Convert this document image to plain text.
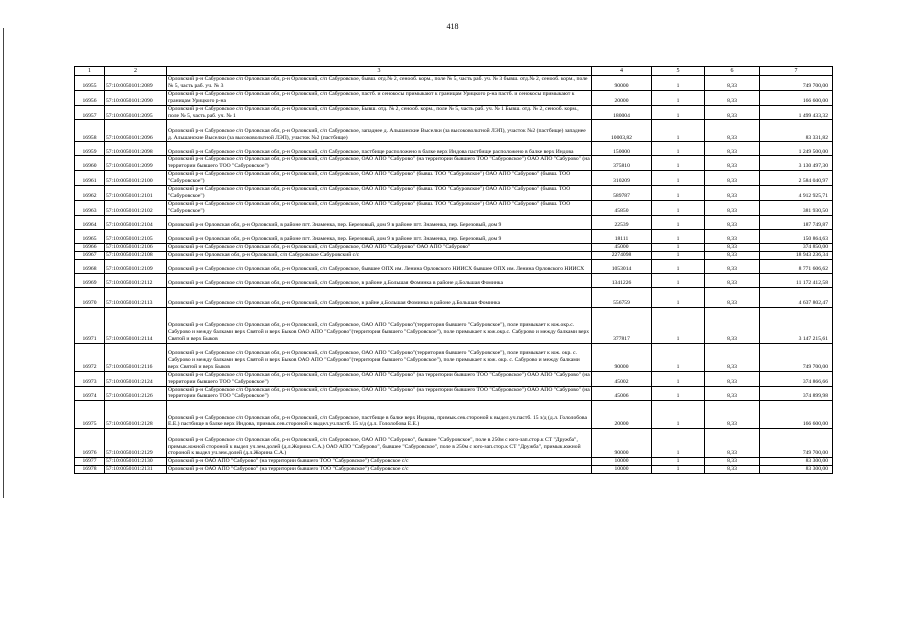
418
1	2	3	4	5	6	7
16955	57:10:0050101:2089	Орловский р-н Сабуровское с/п Орловская обл, р-н Орловский, с/п Сабуровское, бывш. отд.№ 2, сенооб. корм., поле № 5, часть раб. уч. № 3 бывш. отд.№ 2, сенооб. корм., поле № 5, часть раб. уч. № 3	90000	1	8,33	749 700,00
16956	57:10:0050101:2090	Орловский р-н Сабуровское с/п Орловская обл, р-н Орловский, с/п Сабуровское, пастб. и сенокосы примыкают к границам Урицкого р-на пастб. и сенокосы примыкают к границам Урицкого р-на	20000	1	8,33	166 600,00
16957	57:10:0050101:2095	Орловский р-н Сабуровское с/п Орловская обл, р-н Орловский, с/п Сабуровское, Бывш. отд. № 2, сенооб. корм., поле № 5, часть раб. уч. № 1 Бывш. отд. № 2, сенооб. корм., поле № 5, часть раб. уч. № 1	180004	1	8,33	1 499 433,32
16958	57:10:0050101:2096	Орловский р-н Сабуровское с/п Орловская обл, р-н Орловский, с/п Сабуровское, западнее д. Альшанские Выселки (за высоковольтной ЛЭП), участок №2 (пастбище) западнее д. Альшанские Выселки (за высоковольтной ЛЭП), участок №2 (пастбище)	10003,82	1	8,33	83 331,82
16959	57:10:0050101:2098	Орловский р-н Сабуровское с/п Орловская обл, р-н Орловский, с/п Сабуровское, пастбище расположено в балке верх Индова пастбище расположено в балке верх Индова	150000	1	8,33	1 249 500,00
16960	57:10:0050101:2099	Орловский р-н Сабуровское с/п Орловская обл, р-н Орловский, с/п Сабуровское, ОАО АПО "Сабурово" (на территории бывшего ТОО "Сабуровское") ОАО АПО "Сабурово" (на территории бывшего ТОО "Сабуровское")	375810	1	8,33	3 130 497,30
16961	57:10:0050101:2100	Орловский р-н Сабуровское с/п Орловская обл, р-н Орловский, с/п Сабуровское, ОАО АПО "Сабурово" (бывш. ТОО "Сабуровское") ОАО АПО "Сабурово" (бывш. ТОО "Сабуровское")	310209	1	8,33	2 584 040,97
16962	57:10:0050101:2101	Орловский р-н Сабуровское с/п Орловская обл, р-н Орловский, с/п Сабуровское, ОАО АПО "Сабурово" (бывш. ТОО "Сабуровское") ОАО АПО "Сабурово" (бывш. ТОО "Сабуровское")	589787	1	8,33	4 912 925,71
16963	57:10:0050101:2102	Орловский р-н Сабуровское с/п Орловская обл, р-н Орловский, с/п Сабуровское, ОАО АПО "Сабурово" (бывш. ТОО "Сабуровское") ОАО АПО "Сабурово" (бывш. ТОО "Сабуровское")	45850	1	8,33	381 930,50
16964	57:10:0050101:2104	Орловский р-н Орловская обл, р-н Орловский, в районе пгт. Знаменка, пер. Березовый, дом 9 в районе пгт. Знаменка, пер. Березовый, дом 9	22539	1	8,33	187 749,87
16965	57:10:0050101:2105	Орловский р-н Орловская обл, р-н Орловский, в районе пгт. Знаменка, пер. Березовый, дом 9 в районе пгт. Знаменка, пер. Березовый, дом 9	18111	1	8,33	150 864,63
16966	57:10:0050101:2106	Орловский р-н Сабуровское с/п Орловская обл, р-н Орловский, с/п Сабуровское, ОАО АПО "Сабурово" ОАО АПО "Сабурово"	45000	1	8,33	374 850,00
16967	57:10:0050101:2108	Орловский р-н Орловская обл, р-н Орловский, с/п Сабуровское Сабуровский с/с	2274098	1	8,33	18 943 236,34
16968	57:10:0050101:2109	Орловский р-н Сабуровское с/п Орловская обл, р-н Орловский, с/п Сабуровское, бывшее ОПХ им. Ленина Орловского НИИСХ бывшее ОПХ им. Ленина Орловского НИИСХ	1053014	1	8,33	8 771 606,62
16969	57:10:0050101:2112	Орловский р-н Сабуровское с/п Орловская обл, р-н Орловский, с/п Сабуровское, в районе д.Большая Фоминка в районе д.Большая Фоминка	1341226	1	8,33	11 172 412,58
16970	57:10:0050101:2113	Орловский р-н Сабуровское с/п Орловская обл, р-н Орловский, с/п Сабуровское, в райне д.Большая Фоминка в районе д.Большая Фоминка	556759	1	8,33	4 637 802,47
16971	57:10:0050101:2114	Орловский р-н Сабуровское с/п Орловская обл, р-н Орловский, с/п Сабуровское, ОАО АПО "Сабурово"(территория бывшего "Сабуровское"), поле примыкает к юж.окр.с. Сабурово и между балками верх Святой и верх Быков ОАО АПО "Сабурово"(территория бывшего "Сабуровское"), поле примыкает к юж.окр.с. Сабурово и между балками верх Святой и верх Быков	377817	1	8,33	3 147 215,61
16972	57:10:0050101:2116	Орловский р-н Сабуровское с/п Орловская обл, р-н Орловский, с/п Сабуровское, ОАО АПО "Сабурово"(территория бывшего "Сабуровское"), поле примыкает к юж. окр. с. Сабурово и между балками верх Святой и верх Быков ОАО АПО "Сабурово"(территория бывшего "Сабуровское"), поле примыкает к юж. окр. с. Сабурово и между балками верх Святой и верх Быков	90000	1	8,33	749 700,00
16973	57:10:0050101:2124	Орловский р-н Сабуровское с/п Орловская обл, р-н Орловский, с/п Сабуровское, ОАО АПО "Сабурово" (на территории бывшего ТОО "Сабуровское") ОАО АПО "Сабурово" (на территории бывшего ТОО "Сабуровское")	45002	1	8,33	374 866,66
16974	57:10:0050101:2126	Орловский р-н Сабуровское с/п Орловская обл, р-н Орловский, с/п Сабуровское, ОАО АПО "Сабурово" (на территории бывшего ТОО "Сабуровское") ОАО АПО "Сабурово" (на территории бывшего ТОО "Сабуровское")	45006	1	8,33	374 899,98
16975	57:10:0050101:2128	Орловский р-н Сабуровское с/п Орловская обл, р-н Орловский, с/п Сабуровское, пастбище в балке верх Индова, примык.сев.стороной к выдел.уч.пастб. 15 з/д (д.л. Гололобова Е.Е.) пастбище в балке верх Индова, примык.сев.стороной к выдел.уч.пастб. 15 з/д (д.л. Гололобова Е.Е.)	20000	1	8,33	166 600,00
16976	57:10:0050101:2129	Орловский р-н Сабуровское с/п Орловская обл, р-н Орловский, с/п Сабуровское, ОАО АПО "Сабурово", бывшее "Сабуровское", поле в 250м с юго-зап.стор.к СТ "Дружба", примык.южной стороной к выдел уч.зем.долей (д.л.Жорина С.А.) ОАО АПО "Сабурово", бывшее "Сабуровское", поле в 250м с юго-зап.стор.к СТ "Дружба", примык.южной стороной к выдел уч.зем.долей (д.л.Жорина С.А.)	90000	1	8,33	749 700,00
16977	57:10:0050101:2130	Орловский р-н ОАО АПО "Сабурово" (на территории бывшего ТОО "Сабуровское") Сабуровское с/с	10000	1	8,33	83 300,00
16978	57:10:0050101:2131	Орловский р-н ОАО АПО "Сабурово" (на территории бывшего ТОО "Сабуровское") Сабуровское с/с	10000	1	8,33	83 300,00
